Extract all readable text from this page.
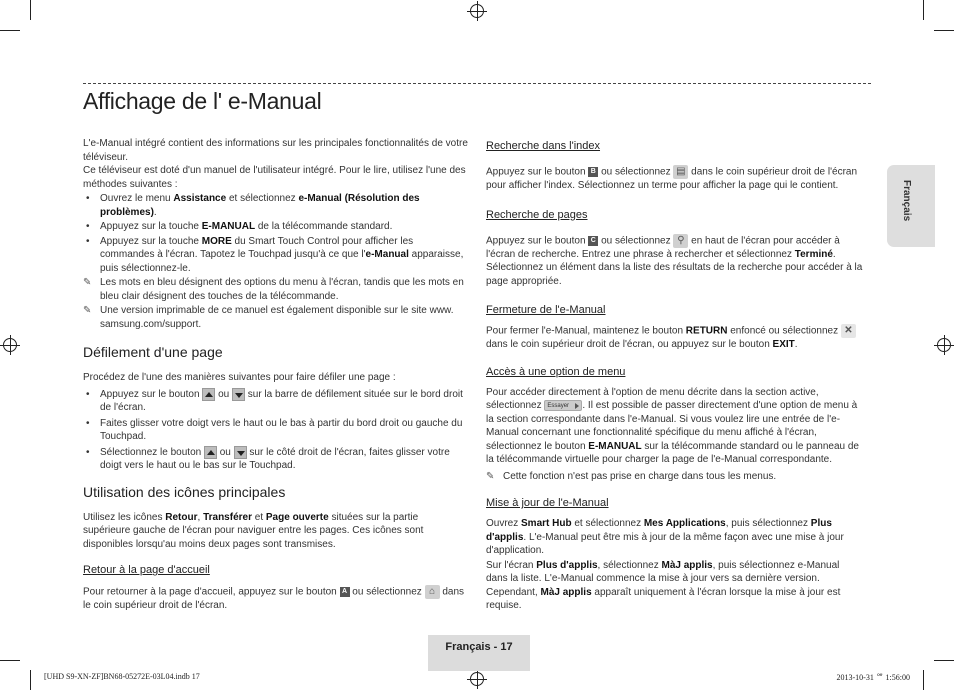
Affichage de l' e-Manual
Français

L'e-Manual intégré contient des informations sur les principales fonctionnalités de votre téléviseur.

Ce téléviseur est doté d'un manuel de l'utilisateur intégré. Pour le lire, utilisez l'une des méthodes suivantes :

• Ouvrez le menu Assistance et sélectionnez e-Manual (Résolution des problèmes).
• Appuyez sur la touche E-MANUAL de la télécommande standard.
• Appuyez sur la touche MORE du Smart Touch Control pour afficher les commandes à l'écran. Tapotez le Touchpad jusqu'à ce que l'e-Manual apparaisse, puis sélectionnez-le.
✎ Les mots en bleu désignent des options du menu à l'écran, tandis que les mots en bleu clair désignent des touches de la télécommande.
✎ Une version imprimable de ce manuel est également disponible sur le site www. samsung.com/support.

Défilement d'une page

Procédez de l'une des manières suivantes pour faire défiler une page :

• Appuyez sur le bouton  ou  sur la barre de défilement située sur le bord droit de l'écran.
• Faites glisser votre doigt vers le haut ou le bas à partir du bord droit ou gauche du Touchpad.
• Sélectionnez le bouton  ou  sur le côté droit de l'écran, faites glisser votre doigt vers le haut ou le bas sur le Touchpad.

Utilisation des icônes principales

Utilisez les icônes Retour, Transférer et Page ouverte situées sur la partie supérieure gauche de l'écran pour naviguer entre les pages. Ces icônes sont disponibles lorsqu'au moins deux pages sont transmises.

Retour à la page d'accueil

Pour retourner à la page d'accueil, appuyez sur le bouton A ou sélectionnez ⌂ dans le coin supérieur droit de l'écran.

Recherche dans l'index

Appuyez sur le bouton B ou sélectionnez ▤ dans le coin supérieur droit de l'écran pour afficher l'index. Sélectionnez un terme pour afficher la page qui le contient.

Recherche de pages

Appuyez sur le bouton C ou sélectionnez ⚲ en haut de l'écran pour accéder à l'écran de recherche. Entrez une phrase à rechercher et sélectionnez Terminé. Sélectionnez un élément dans la liste des résultats de la recherche pour accéder à la page appropriée.

Fermeture de l'e-Manual

Pour fermer l'e-Manual, maintenez le bouton RETURN enfoncé ou sélectionnez ✕ dans le coin supérieur droit de l'écran, ou appuyez sur le bouton EXIT.

Accès à une option de menu

Pour accéder directement à l'option de menu décrite dans la section active, sélectionnez Essayer . Il est possible de passer directement d'une option de menu à la section correspondante dans l'e-Manual. Si vous voulez lire une entrée de l'e-Manual concernant une fonctionnalité spécifique du menu affiché à l'écran, sélectionnez le bouton E-MANUAL sur la télécommande standard ou le panneau de la télécommande virtuelle pour charger la page de l'e-Manual correspondante.

✎ Cette fonction n'est pas prise en charge dans tous les menus.

Mise à jour de l'e-Manual

Ouvrez Smart Hub et sélectionnez Mes Applications, puis sélectionnez Plus d'applis. L'e-Manual peut être mis à jour de la même façon avec une mise à jour d'application.

Sur l'écran Plus d'applis, sélectionnez MàJ applis, puis sélectionnez e-Manual dans la liste. L'e-Manual commence la mise à jour vers sa dernière version. Cependant, MàJ applis apparaît uniquement à l'écran lorsque la mise à jour est requise.

Français - 17
[UHD S9-XN-ZF]BN68-05272E-03L04.indb 17	2013-10-31 ᄋᄒ 1:56:00
